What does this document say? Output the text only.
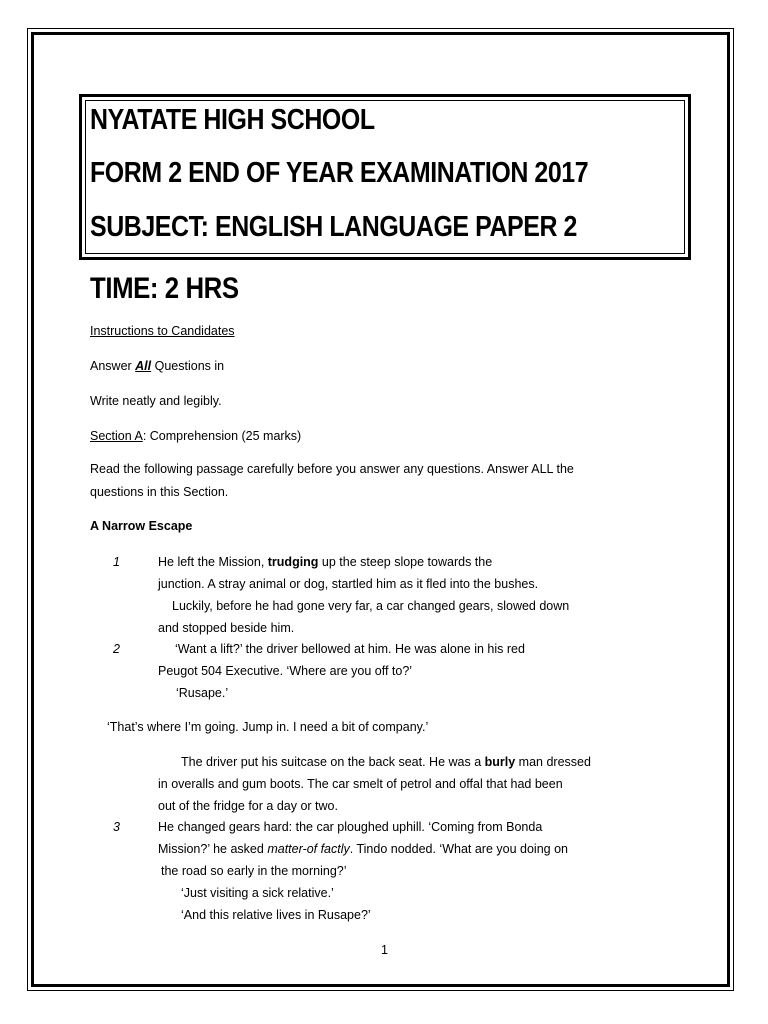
NYATATE HIGH SCHOOL

FORM 2 END OF YEAR EXAMINATION 2017

SUBJECT: ENGLISH LANGUAGE PAPER 2

TIME: 2 HRS

Instructions to Candidates

Answer All Questions in

Write neatly and legibly.

Section A: Comprehension (25 marks)

Read the following passage carefully before you answer any questions. Answer ALL the

questions in this Section.

A Narrow Escape

1	He left the Mission, trudging up the steep slope towards the

junction. A stray animal or dog, startled him as it fled into the bushes.

Luckily, before he had gone very far, a car changed gears, slowed down

and stopped beside him.

2	‘Want a lift?’ the driver bellowed at him. He was alone in his red

Peugot 504 Executive. ‘Where are you off to?’

‘Rusape.’

‘That’s where I’m going. Jump in. I need a bit of company.’

The driver put his suitcase on the back seat. He was a burly man dressed

in overalls and gum boots. The car smelt of petrol and offal that had been

out of the fridge for a day or two.

3	He changed gears hard: the car ploughed uphill. ‘Coming from Bonda

Mission?’ he asked matter-of factly. Tindo nodded. ‘What are you doing on

the road so early in the morning?’

‘Just visiting a sick relative.’

‘And this relative lives in Rusape?’

1
